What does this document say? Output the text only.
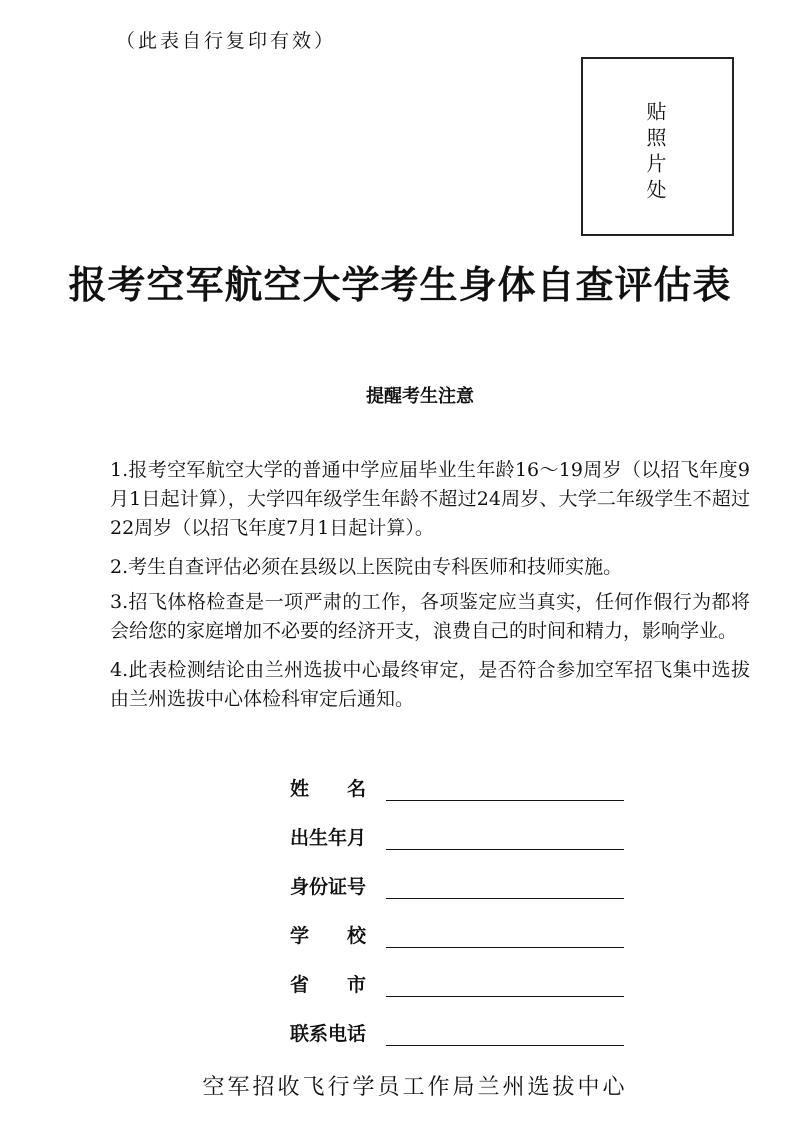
（此表自行复印有效）
贴照片处
报考空军航空大学考生身体自查评估表
提醒考生注意

1.报考空军航空大学的普通中学应届毕业生年龄16～19周岁（以招飞年度9月1日起计算），大学四年级学生年龄不超过24周岁、大学二年级学生不超过22周岁（以招飞年度7月1日起计算）。

2.考生自查评估必须在县级以上医院由专科医师和技师实施。

3.招飞体格检查是一项严肃的工作，各项鉴定应当真实，任何作假行为都将会给您的家庭增加不必要的经济开支，浪费自己的时间和精力，影响学业。

4.此表检测结论由兰州选拔中心最终审定，是否符合参加空军招飞集中选拔由兰州选拔中心体检科审定后通知。

姓　　名
出生年月
身份证号
学　　校
省　　市
联系电话
空军招收飞行学员工作局兰州选拔中心
